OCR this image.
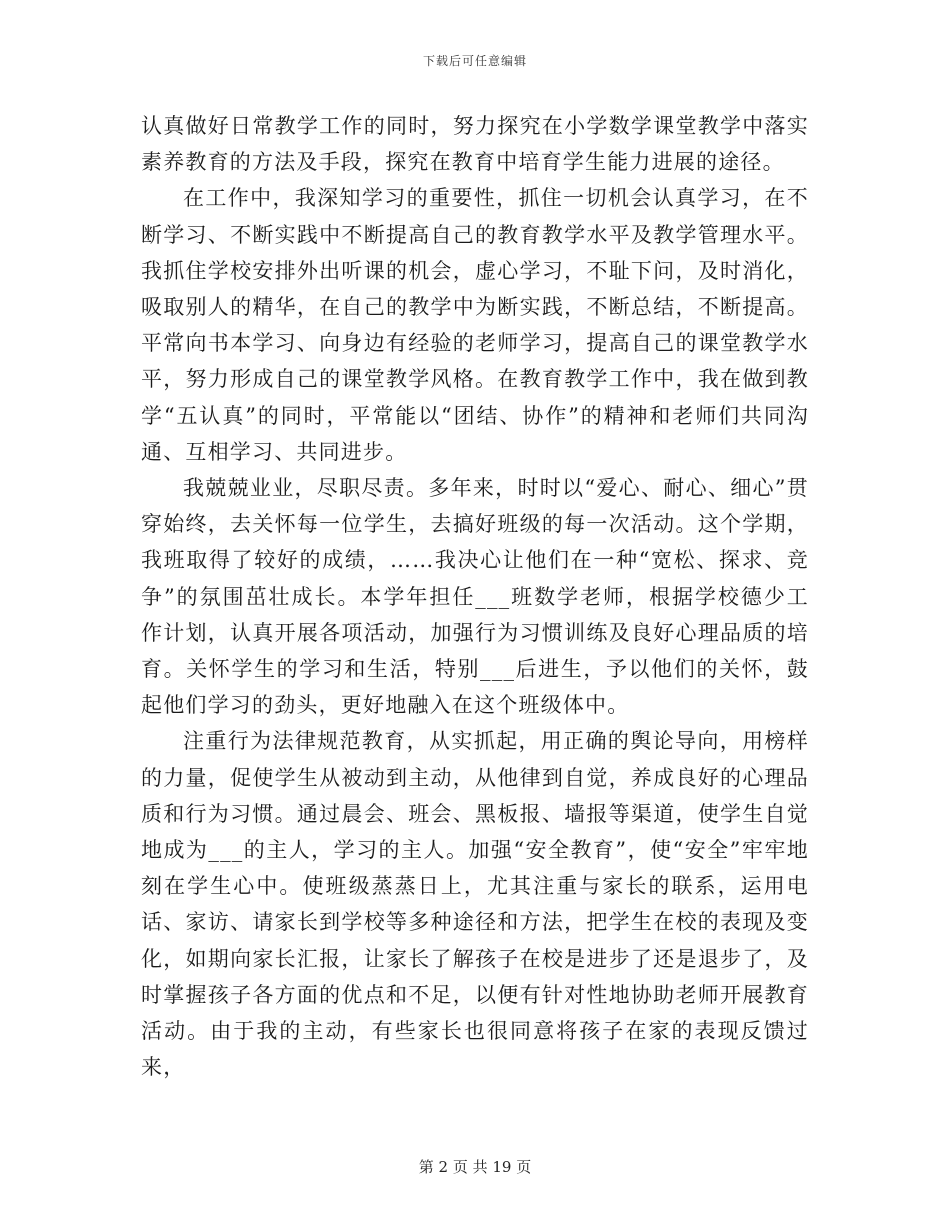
下载后可任意编辑

认真做好日常教学工作的同时，努力探究在小学数学课堂教学中落实素养教育的方法及手段，探究在教育中培育学生能力进展的途径。

在工作中，我深知学习的重要性，抓住一切机会认真学习，在不断学习、不断实践中不断提高自己的教育教学水平及教学管理水平。我抓住学校安排外出听课的机会，虚心学习，不耻下问，及时消化，吸取别人的精华，在自己的教学中为断实践，不断总结，不断提高。平常向书本学习、向身边有经验的老师学习，提高自己的课堂教学水平，努力形成自己的课堂教学风格。在教育教学工作中，我在做到教学“五认真”的同时，平常能以“团结、协作”的精神和老师们共同沟通、互相学习、共同进步。

我兢兢业业，尽职尽责。多年来，时时以“爱心、耐心、细心”贯穿始终，去关怀每一位学生，去搞好班级的每一次活动。这个学期，我班取得了较好的成绩，……我决心让他们在一种“宽松、探求、竞争”的氛围茁壮成长。本学年担任___班数学老师，根据学校德少工作计划，认真开展各项活动，加强行为习惯训练及良好心理品质的培育。关怀学生的学习和生活，特别___后进生，予以他们的关怀，鼓起他们学习的劲头，更好地融入在这个班级体中。

注重行为法律规范教育，从实抓起，用正确的舆论导向，用榜样的力量，促使学生从被动到主动，从他律到自觉，养成良好的心理品质和行为习惯。通过晨会、班会、黑板报、墙报等渠道，使学生自觉地成为___的主人，学习的主人。加强“安全教育”，使“安全”牢牢地刻在学生心中。使班级蒸蒸日上，尤其注重与家长的联系，运用电话、家访、请家长到学校等多种途径和方法，把学生在校的表现及变化，如期向家长汇报，让家长了解孩子在校是进步了还是退步了，及时掌握孩子各方面的优点和不足，以便有针对性地协助老师开展教育活动。由于我的主动，有些家长也很同意将孩子在家的表现反馈过来，

第 2 页 共 19 页
